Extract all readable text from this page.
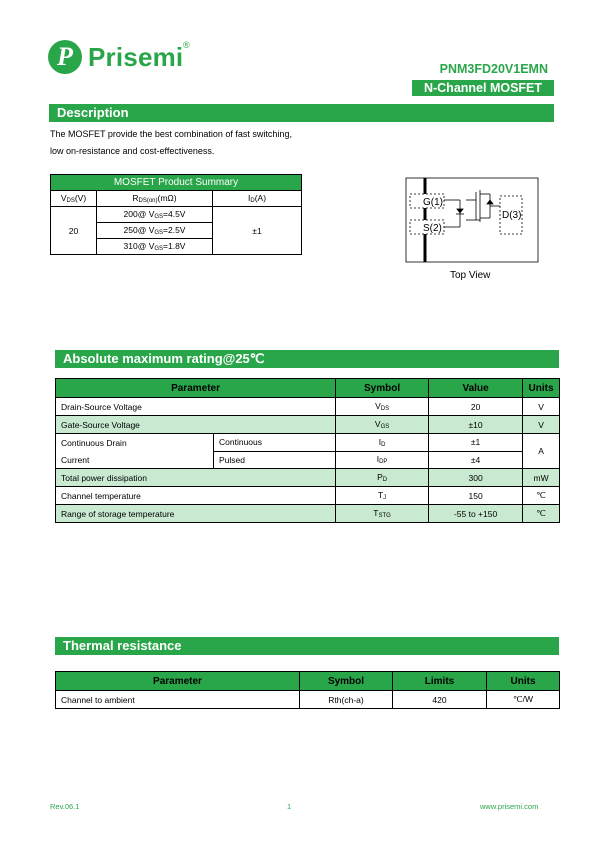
P Prisemi ®
PNM3FD20V1EMN
N-Channel MOSFET
Description
The MOSFET provide the best combination of fast switching,
low on-resistance and cost-effectiveness.
MOSFET Product Summary		
$V_{DS}(V)$	$R_{DS(on)}(m\Omega)$	$I_D(A)$
20	200@ $V_{GS}=4.5V$	±1
	250@ $V_{GS}=2.5V$	
	310@ $V_{GS}=1.8V$	
G(1)
S(2)
D(3)
Top View
Absolute maximum rating@25℃
Parameter		Symbol	Value	Units
Drain-Source Voltage		$V_{DS}$	20	V
Gate-Source Voltage		$V_{GS}$	±10	V
Continuous Drain	Continuous	$I_D$	±1	A
Current	Pulsed	$I_{DP}$	±4	
Total power dissipation		$P_D$	300	mW
Channel temperature		$T_J$	150	℃
Range of storage temperature		$T_{STG}$	-55 to +150	℃
Thermal resistance
Parameter	Symbol	Limits	Units
Channel to ambient	Rth(ch-a)	420	℃/W
Rev.06.1	1	www.prisemi.com
